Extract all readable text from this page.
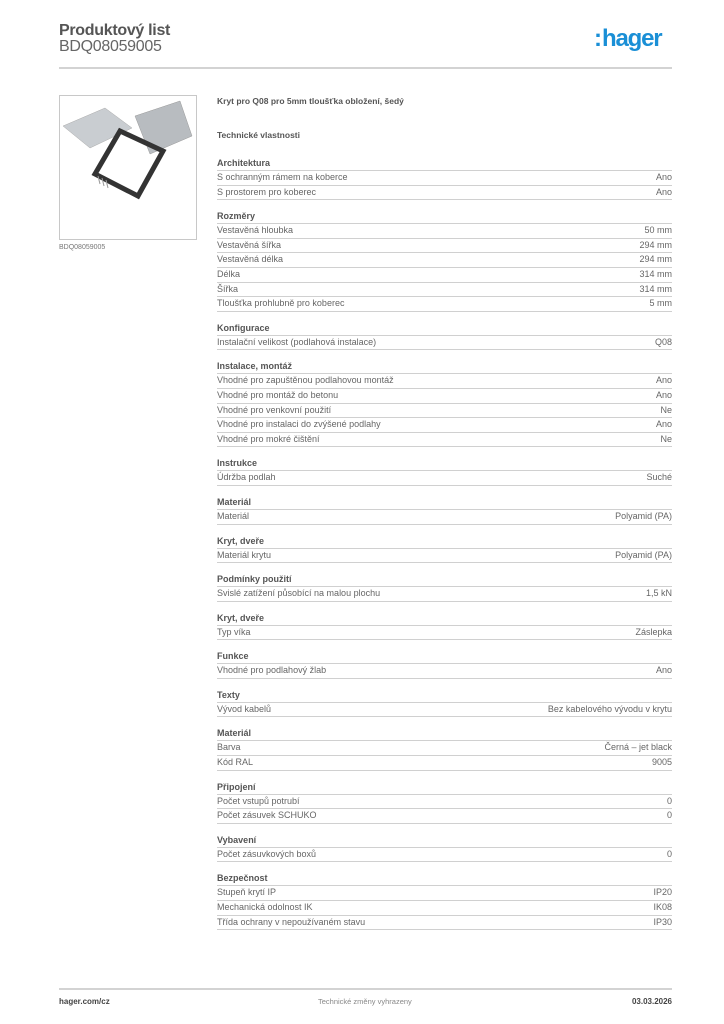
Produktový list
BDQ08059005	:hager
BDQ08059005
Kryt pro Q08 pro 5mm tloušťka obložení, šedý
Technické vlastnosti
Architektura
S ochranným rámem na koberce	Ano
S prostorem pro koberec	Ano
Rozměry
Vestavěná hloubka	50 mm
Vestavěná šířka	294 mm
Vestavěná délka	294 mm
Délka	314 mm
Šířka	314 mm
Tloušťka prohlubně pro koberec	5 mm
Konfigurace
Instalační velikost (podlahová instalace)	Q08
Instalace, montáž
Vhodné pro zapuštěnou podlahovou montáž	Ano
Vhodné pro montáž do betonu	Ano
Vhodné pro venkovní použití	Ne
Vhodné pro instalaci do zvýšené podlahy	Ano
Vhodné pro mokré čištění	Ne
Instrukce
Údržba podlah	Suché
Materiál
Materiál	Polyamid (PA)
Kryt, dveře
Materiál krytu	Polyamid (PA)
Podmínky použití
Svislé zatížení působící na malou plochu	1,5 kN
Kryt, dveře
Typ víka	Záslepka
Funkce
Vhodné pro podlahový žlab	Ano
Texty
Vývod kabelů	Bez kabelového vývodu v krytu
Materiál
Barva	Černá – jet black
Kód RAL	9005
Připojení
Počet vstupů potrubí	0
Počet zásuvek SCHUKO	0
Vybavení
Počet zásuvkových boxů	0
Bezpečnost
Stupeň krytí IP	IP20
Mechanická odolnost IK	IK08
Třída ochrany v nepoužívaném stavu	IP30
hager.com/cz	Technické změny vyhrazeny	03.03.2026
